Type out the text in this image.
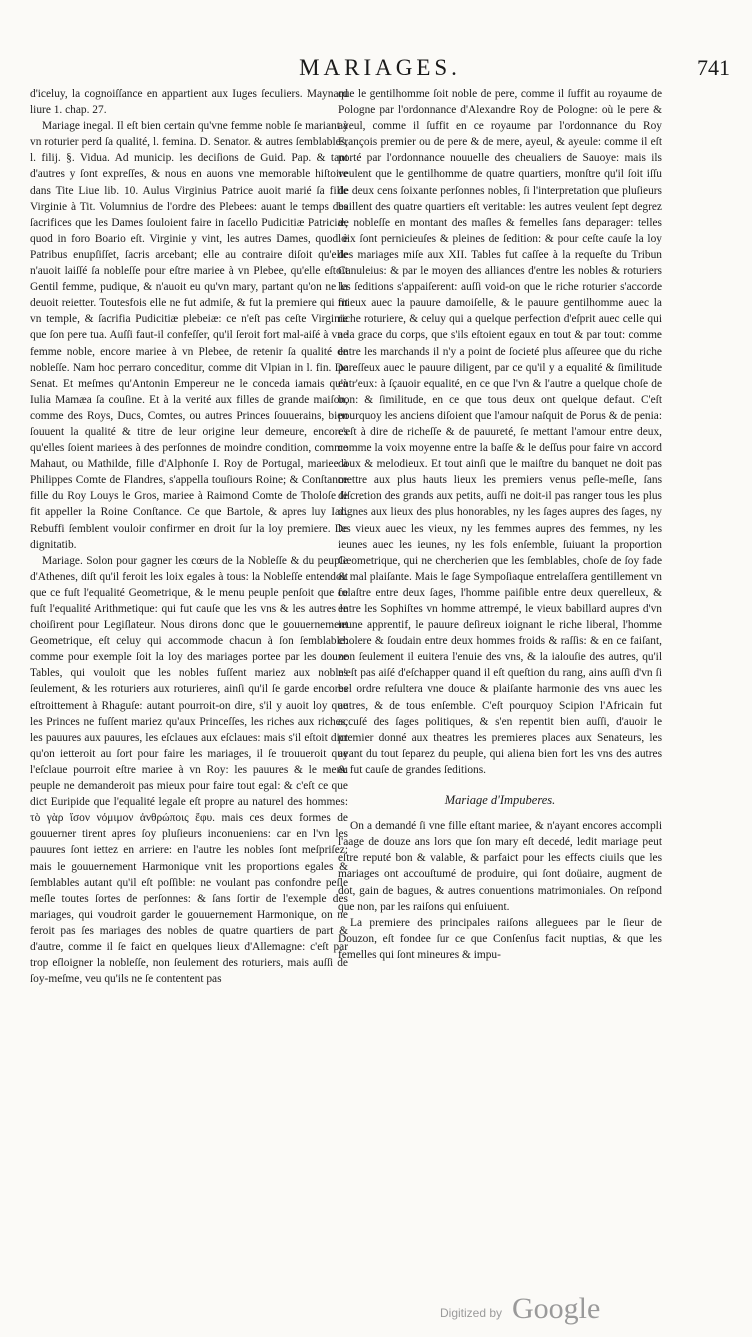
MARIAGES.	741

d'iceluy, la cognoiſſance en appartient aux Iuges ſeculiers. Maynard liure 1. chap. 27.

Mariage inegal. Il eſt bien certain qu'vne femme noble ſe mariant à vn roturier perd ſa qualité, l. femina. D. Senator. & autres ſemblables, l. filij. §. Vidua. Ad municip. les deciſions de Guid. Pap. & tant d'autres y ſont expreſſes, & nous en auons vne memorable hiſtoire dans Tite Liue lib. 10. Aulus Virginius Patrice auoit marié ſa fille Virginie à Tit. Volumnius de l'ordre des Plebees: auant le temps des ſacrifices que les Dames ſouloient faire in ſacello Pudicitiæ Patriciæ, quod in foro Boario eſt. Virginie y vint, les autres Dames, quod è Patribus enupſiſſet, ſacris arcebant; elle au contraire diſoit qu'elle n'auoit laiſſé ſa nobleſſe pour eſtre mariee à vn Plebee, qu'elle eſtoit Gentil femme, pudique, & n'auoit eu qu'vn mary, partant qu'on ne la deuoit reietter. Toutesfois elle ne fut admiſe, & fut la premiere qui fit vn temple, & ſacrifia Pudicitiæ plebeiæ: ce n'eſt pas ceſte Virginie que ſon pere tua. Auſſi faut-il confeſſer, qu'il ſeroit fort mal-aiſé à vne femme noble, encore mariee à vn Plebee, de retenir ſa qualité de nobleſſe. Nam hoc perraro conceditur, comme dit Vlpian in l. fin. De Senat. Et meſmes qu'Antonin Empereur ne le conceda iamais qu'à Iulia Mamæa ſa couſine. Et à la verité aux filles de grande maiſon, comme des Roys, Ducs, Comtes, ou autres Princes ſouuerains, bien ſouuent la qualité & titre de leur origine leur demeure, encores qu'elles ſoient mariees à des perſonnes de moindre condition, comme Mahaut, ou Mathilde, fille d'Alphonſe I. Roy de Portugal, mariee à Philippes Comte de Flandres, s'appella touſiours Roine; & Conſtance fille du Roy Louys le Gros, mariee à Raimond Comte de Tholoſe ſe fit appeller la Roine Conſtance. Ce que Bartole, & apres luy Iac. Rebuffi ſemblent vouloir confirmer en droit ſur la loy premiere. De dignitatib.

Mariage. Solon pour gagner les cœurs de la Nobleſſe & du peuple d'Athenes, diſt qu'il feroit les loix egales à tous: la Nobleſſe entendoit que ce fuſt l'equalité Geometrique, & le menu peuple penſoit que ce fuſt l'equalité Arithmetique: qui fut cauſe que les vns & les autres le choiſirent pour Legiſlateur. Nous dirons donc que le gouuernement Geometrique, eſt celuy qui accommode chacun à ſon ſemblable: comme pour exemple ſoit la loy des mariages portee par les douze Tables, qui vouloit que les nobles fuſſent mariez aux nobles ſeulement, & les roturiers aux roturieres, ainſi qu'il ſe garde encores eſtroittement à Rhaguſe: autant pourroit-on dire, s'il y auoit loy que les Princes ne fuſſent mariez qu'aux Princeſſes, les riches aux riches, les pauures aux pauures, les eſclaues aux eſclaues: mais s'il eſtoit dict qu'on ietteroit au ſort pour faire les mariages, il ſe trouueroit que l'eſclaue pourroit eſtre mariee à vn Roy: les pauures & le menu peuple ne demanderoit pas mieux pour faire tout egal: & c'eſt ce que dict Euripide que l'equalité legale eſt propre au naturel des hommes: τὸ γὰρ ἴσον νόμιμον ἀνθρώποις ἔφυ. mais ces deux formes de gouuerner tirent apres ſoy pluſieurs inconueniens: car en l'vn les pauures ſont iettez en arriere: en l'autre les nobles ſont meſpriſez: mais le gouuernement Harmonique vnit les proportions egales & ſemblables autant qu'il eſt poſſible: ne voulant pas confondre peſle meſle toutes ſortes de perſonnes: & ſans ſortir de l'exemple des mariages, qui voudroit garder le gouuernement Harmonique, on ne feroit pas ſes mariages des nobles de quatre quartiers de part & d'autre, comme il ſe faict en quelques lieux d'Allemagne: c'eſt par trop eſloigner la nobleſſe, non ſeulement des roturiers, mais auſſi de ſoy-meſme, veu qu'ils ne ſe contentent pas

que le gentilhomme ſoit noble de pere, comme il ſuffit au royaume de Pologne par l'ordonnance d'Alexandre Roy de Pologne: où le pere & ayeul, comme il ſuffit en ce royaume par l'ordonnance du Roy François premier ou de pere & de mere, ayeul, & ayeule: comme il eſt porté par l'ordonnance nouuelle des cheualiers de Sauoye: mais ils veulent que le gentilhomme de quatre quartiers, monſtre qu'il ſoit iſſu de deux cens ſoixante perſonnes nobles, ſi l'interpretation que pluſieurs baillent des quatre quartiers eſt veritable: les autres veulent ſept degrez de nobleſſe en montant des maſles & femelles ſans deparager: telles loix ſont pernicieuſes & pleines de ſedition: & pour ceſte cauſe la loy des mariages miſe aux XII. Tables fut caſſee à la requeſte du Tribun Canuleius: & par le moyen des alliances d'entre les nobles & roturiers les ſeditions s'appaiſerent: auſſi void-on que le riche roturier s'accorde mieux auec la pauure damoiſelle, & le pauure gentilhomme auec la riche roturiere, & celuy qui a quelque perfection d'eſprit auec celle qui a la grace du corps, que s'ils eſtoient egaux en tout & par tout: comme entre les marchands il n'y a point de ſocieté plus aſſeuree que du riche pareſſeux auec le pauure diligent, par ce qu'il y a equalité & ſimilitude entr'eux: à ſçauoir equalité, en ce que l'vn & l'autre a quelque choſe de bon: & ſimilitude, en ce que tous deux ont quelque defaut. C'eſt pourquoy les anciens diſoient que l'amour naſquit de Porus & de penia: c'eſt à dire de richeſſe & de pauureté, ſe mettant l'amour entre deux, comme la voix moyenne entre la baſſe & le deſſus pour faire vn accord doux & melodieux. Et tout ainſi que le maiſtre du banquet ne doit pas mettre aux plus hauts lieux les premiers venus peſle-meſle, ſans diſcretion des grands aux petits, auſſi ne doit-il pas ranger tous les plus dignes aux lieux des plus honorables, ny les ſages aupres des ſages, ny les vieux auec les vieux, ny les femmes aupres des femmes, ny les ieunes auec les ieunes, ny les fols enſemble, ſuiuant la proportion Geometrique, qui ne chercherien que les ſemblables, choſe de ſoy fade & mal plaiſante. Mais le ſage Sympoſiaque entrelaſſera gentillement vn folaſtre entre deux ſages, l'homme paiſible entre deux querelleux, & entre les Sophiſtes vn homme attrempé, le vieux babillard aupres d'vn ieune apprentif, le pauure deſireux ioignant le riche liberal, l'homme cholere & ſoudain entre deux hommes froids & raſſis: & en ce faiſant, non ſeulement il euitera l'enuie des vns, & la ialouſie des autres, qu'il n'eſt pas aiſé d'eſchapper quand il eſt queſtion du rang, ains auſſi d'vn ſi bel ordre reſultera vne douce & plaiſante harmonie des vns auec les autres, & de tous enſemble. C'eſt pourquoy Scipion l'Africain fut accuſé des ſages politiques, & s'en repentit bien auſſi, d'auoir le premier donné aux theatres les premieres places aux Senateurs, les ayant du tout ſeparez du peuple, qui aliena bien fort les vns des autres & fut cauſe de grandes ſeditions.

Mariage d'Impuberes.

On a demandé ſi vne fille eſtant mariee, & n'ayant encores accompli l'aage de douze ans lors que ſon mary eſt decedé, ledit mariage peut eſtre reputé bon & valable, & parfaict pour les effects ciuils que les mariages ont accouſtumé de produire, qui ſont doüaire, augment de dot, gain de bagues, & autres conuentions matrimoniales. On reſpond que non, par les raiſons qui enſuiuent.

La premiere des principales raiſons alleguees par le ſieur de Douzon, eſt fondee ſur ce que Conſenſus facit nuptias, & que les femelles qui ſont mineures & impu-

Digitized by Google
